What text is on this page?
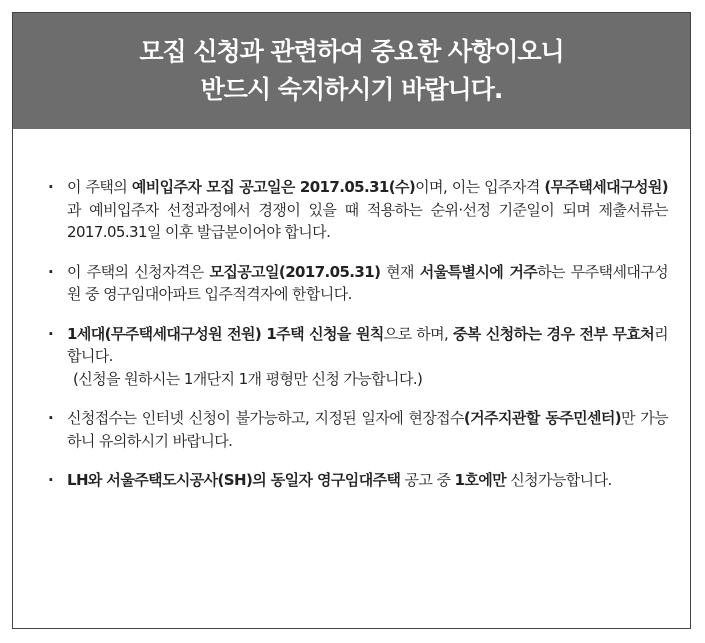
모집 신청과 관련하여 중요한 사항이오니
반드시 숙지하시기 바랍니다.
· 이 주택의 예비입주자 모집 공고일은 2017.05.31(수)이며, 이는 입주자격 (무주택세대구성원)과 예비입주자 선정과정에서 경쟁이 있을 때 적용하는 순위·선정 기준일이 되며 제출서류는 2017.05.31일 이후 발급분이어야 합니다.
· 이 주택의 신청자격은 모집공고일(2017.05.31) 현재 서울특별시에 거주하는 무주택세대구성원 중 영구임대아파트 입주적격자에 한합니다.
· 1세대(무주택세대구성원 전원) 1주택 신청을 원칙으로 하며, 중복 신청하는 경우 전부 무효처리 합니다.
(신청을 원하시는 1개단지 1개 평형만 신청 가능합니다.)
· 신청접수는 인터넷 신청이 불가능하고, 지정된 일자에 현장접수(거주지관할 동주민센터)만 가능하니 유의하시기 바랍니다.
· LH와 서울주택도시공사(SH)의 동일자 영구임대주택 공고 중 1호에만 신청가능합니다.
